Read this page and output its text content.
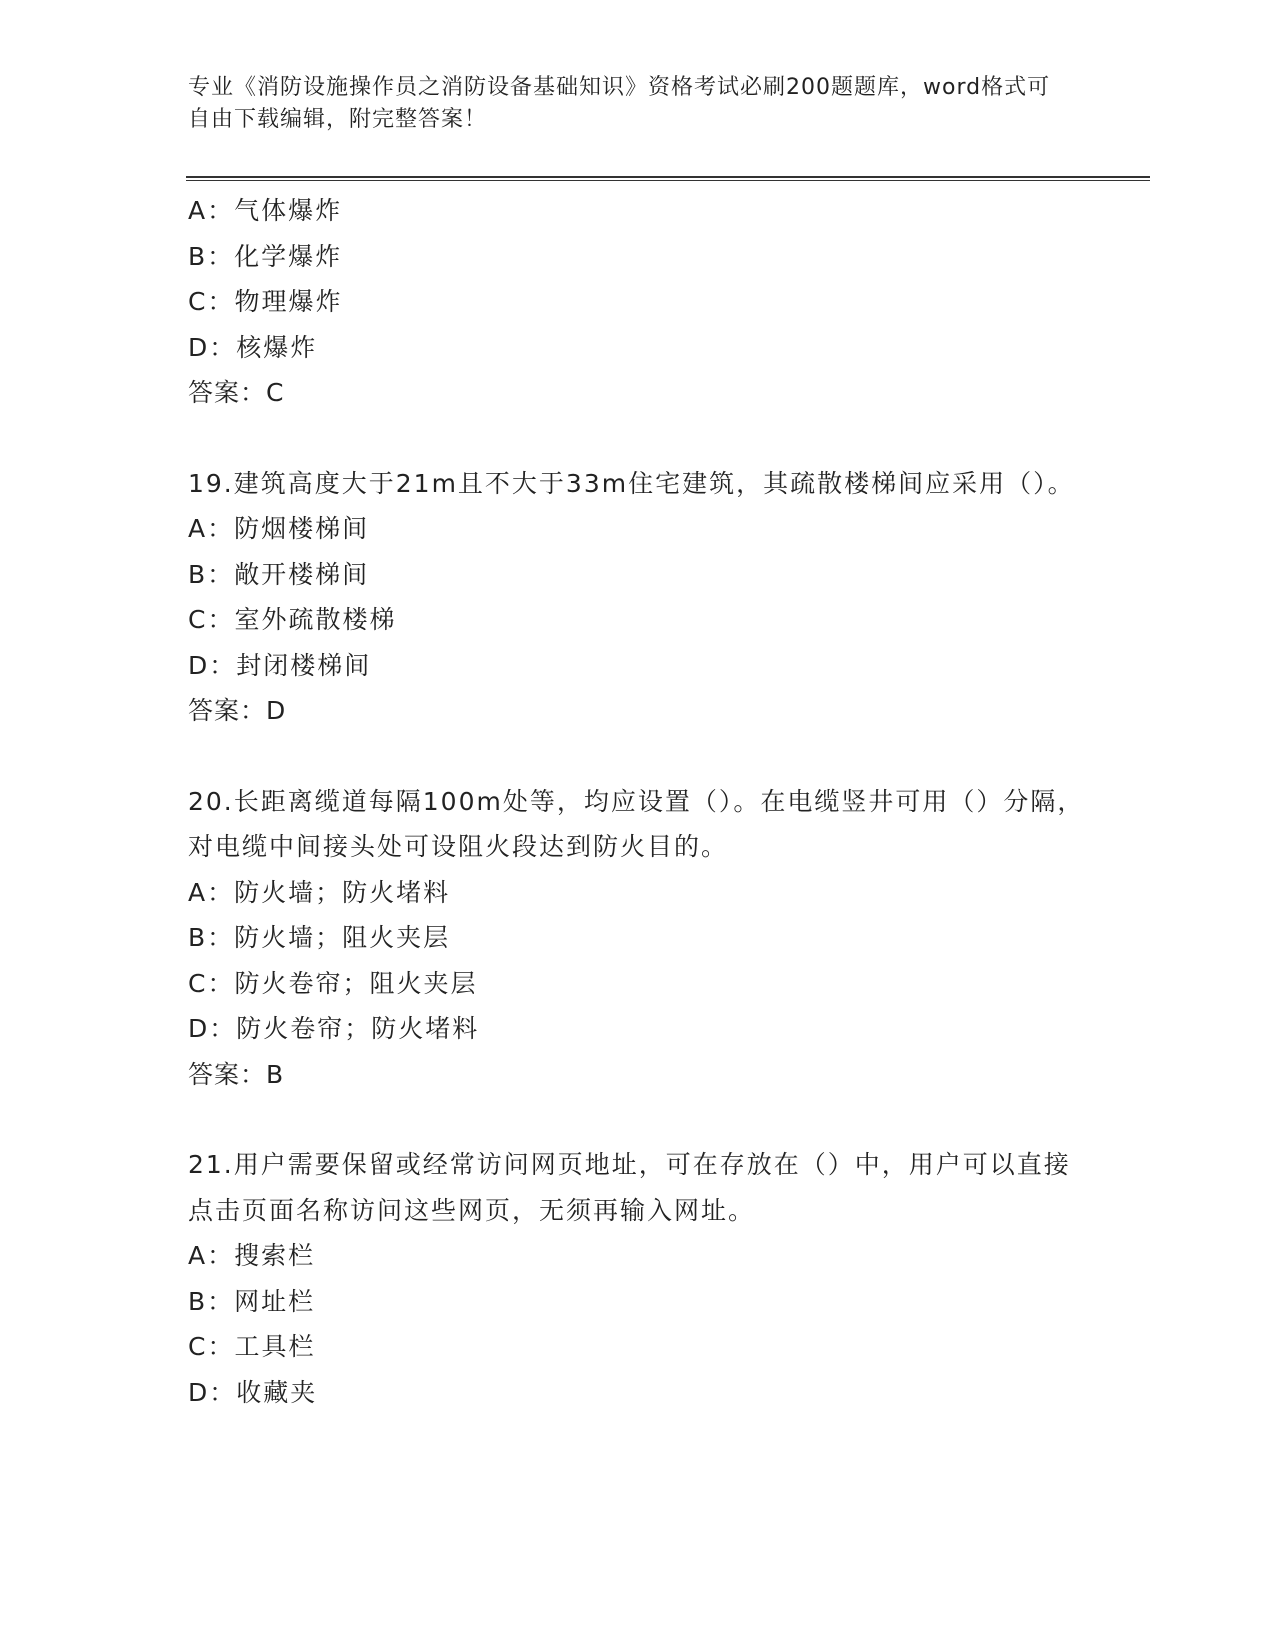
专业《消防设施操作员之消防设备基础知识》资格考试必刷200题题库，word格式可自由下载编辑，附完整答案！
A：气体爆炸
B：化学爆炸
C：物理爆炸
D：核爆炸
答案：C
19.建筑高度大于21m且不大于33m住宅建筑，其疏散楼梯间应采用（）。
A：防烟楼梯间
B：敞开楼梯间
C：室外疏散楼梯
D：封闭楼梯间
答案：D
20.长距离缆道每隔100m处等，均应设置（）。在电缆竖井可用（）分隔，对电缆中间接头处可设阻火段达到防火目的。
A：防火墙；防火堵料
B：防火墙；阻火夹层
C：防火卷帘；阻火夹层
D：防火卷帘；防火堵料
答案：B
21.用户需要保留或经常访问网页地址，可在存放在（）中，用户可以直接点击页面名称访问这些网页，无须再输入网址。
A：搜索栏
B：网址栏
C：工具栏
D：收藏夹
